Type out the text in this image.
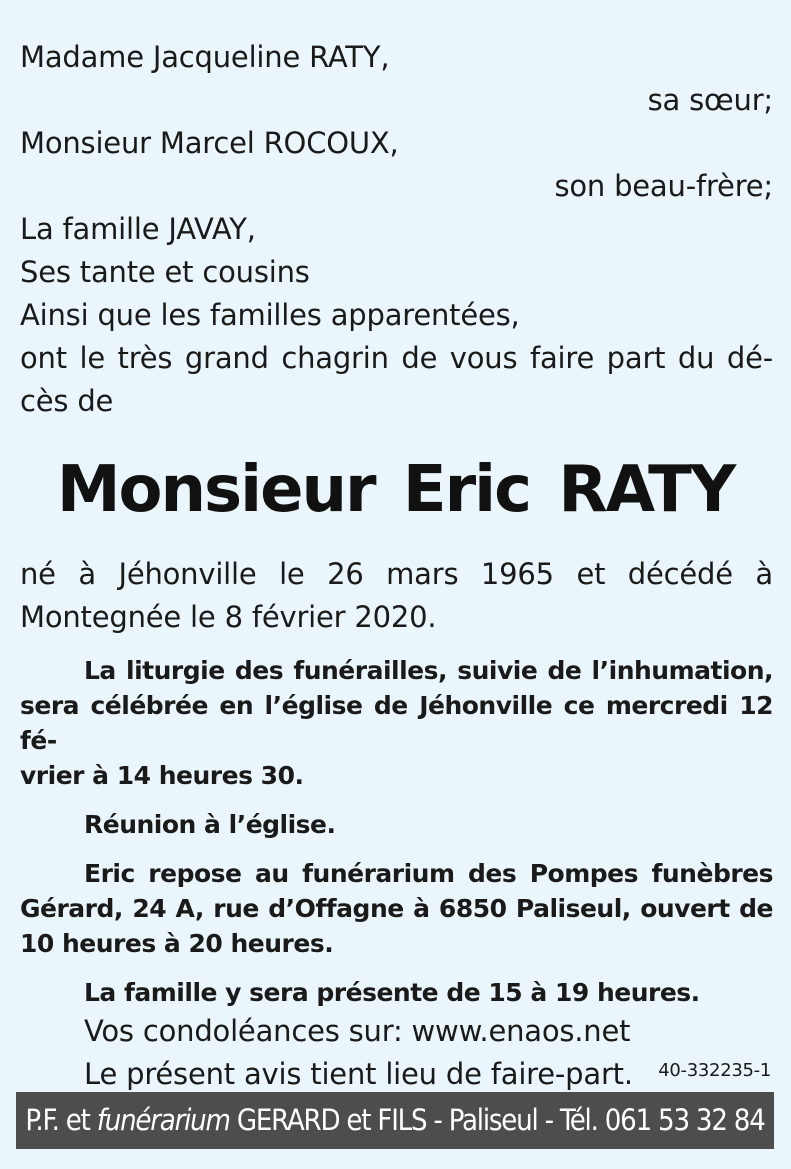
Madame Jacqueline RATY,
sa sœur;
Monsieur Marcel ROCOUX,
son beau-frère;
La famille JAVAY,
Ses tante et cousins
Ainsi que les familles apparentées,
ont le très grand chagrin de vous faire part du dé-
cès de
Monsieur Eric RATY
né à Jéhonville le 26 mars 1965 et décédé à
Montegnée le 8 février 2020.
La liturgie des funérailles, suivie de l’inhumation,
sera célébrée en l’église de Jéhonville ce mercredi 12 fé-
vrier à 14 heures 30.
Réunion à l’église.
Eric repose au funérarium des Pompes funèbres
Gérard, 24 A, rue d’Offagne à 6850 Paliseul, ouvert de
10 heures à 20 heures.
La famille y sera présente de 15 à 19 heures.
Vos condoléances sur: www.enaos.net
Le présent avis tient lieu de faire-part.	40-332235-1
P.F. et funérarium GERARD et FILS - Paliseul - Tél. 061 53 32 84
